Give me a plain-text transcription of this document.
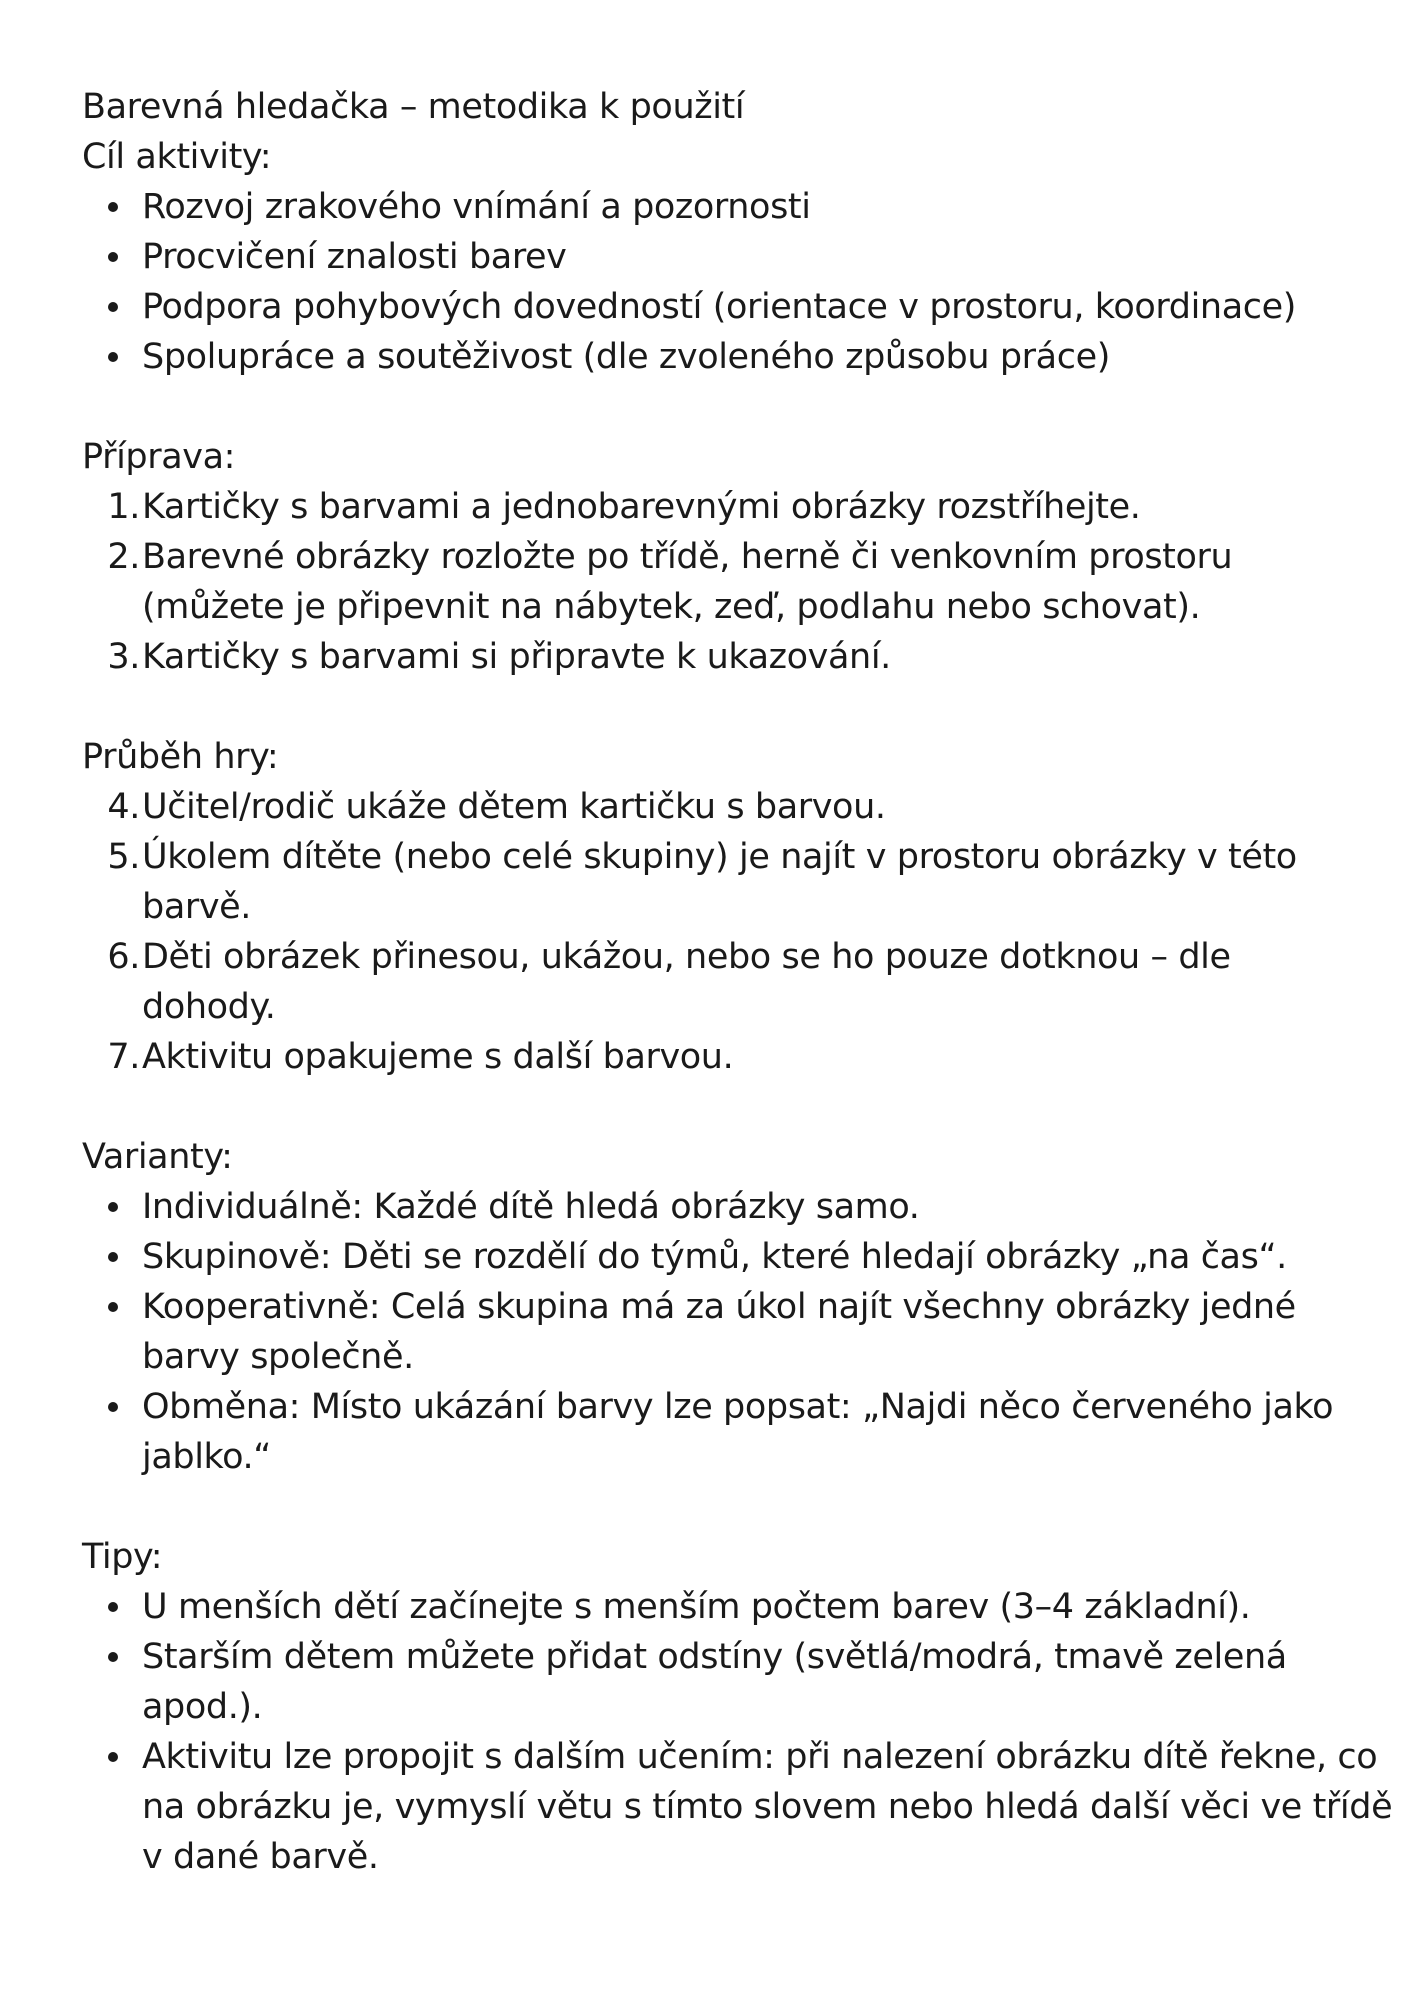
Barevná hledačka – metodika k použití

Cíl aktivity:

Rozvoj zrakového vnímání a pozornosti
Procvičení znalosti barev
Podpora pohybových dovedností (orientace v prostoru, koordinace)
Spolupráce a soutěživost (dle zvoleného způsobu práce)

Příprava:

1. Kartičky s barvami a jednobarevnými obrázky rozstříhejte.
2. Barevné obrázky rozložte po třídě, herně či venkovním prostoru
(můžete je připevnit na nábytek, zeď, podlahu nebo schovat).
3. Kartičky s barvami si připravte k ukazování.

Průběh hry:

4. Učitel/rodič ukáže dětem kartičku s barvou.
5. Úkolem dítěte (nebo celé skupiny) je najít v prostoru obrázky v této
barvě.
6. Děti obrázek přinesou, ukážou, nebo se ho pouze dotknou – dle
dohody.
7. Aktivitu opakujeme s další barvou.

Varianty:

Individuálně: Každé dítě hledá obrázky samo.
Skupinově: Děti se rozdělí do týmů, které hledají obrázky „na čas“.
Kooperativně: Celá skupina má za úkol najít všechny obrázky jedné
barvy společně.
Obměna: Místo ukázání barvy lze popsat: „Najdi něco červeného jako
jablko.“

Tipy:

U menších dětí začínejte s menším počtem barev (3–4 základní).
Starším dětem můžete přidat odstíny (světlá/modrá, tmavě zelená
apod.).
Aktivitu lze propojit s dalším učením: při nalezení obrázku dítě řekne, co
na obrázku je, vymyslí větu s tímto slovem nebo hledá další věci ve třídě
v dané barvě.
